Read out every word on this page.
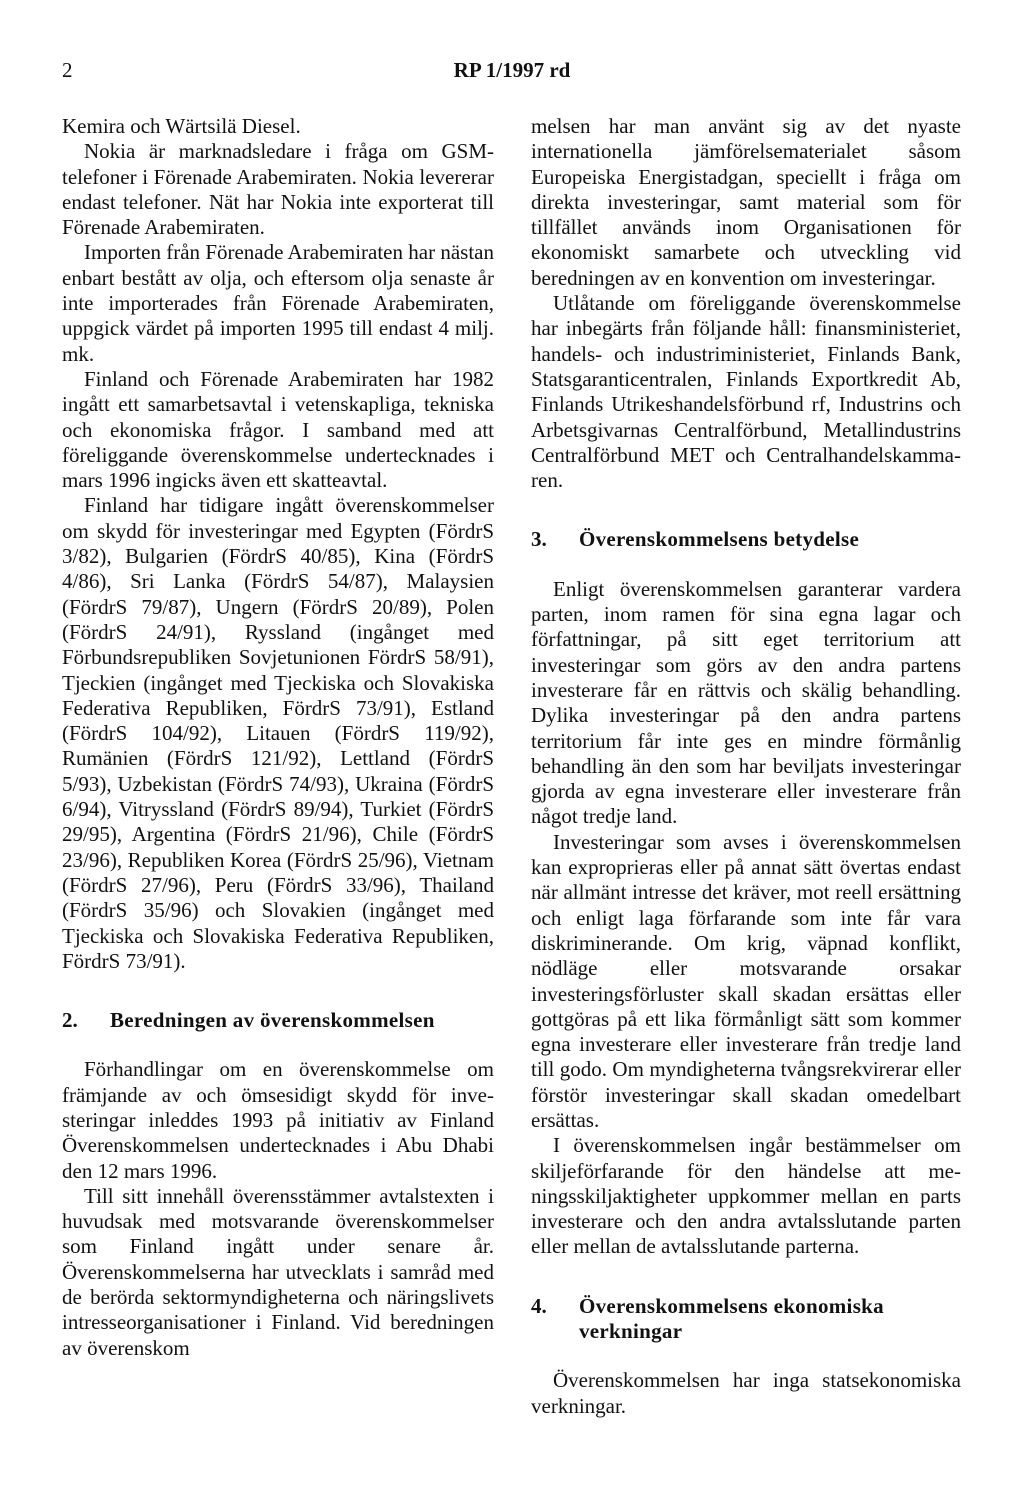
2	RP 1/1997 rd

Kemira och Wärtsilä Diesel.

Nokia är marknadsledare i fråga om GSM-telefoner i Förenade Arabemiraten. Nokia levererar endast telefoner. Nät har Nokia inte exporterat till Förenade Arabemiraten.

Importen från Förenade Arabemiraten har nästan enbart bestått av olja, och eftersom olja senaste år inte importerades från Förenade Arabemiraten, uppgick värdet på importen 1995 till endast 4 milj. mk.

Finland och Förenade Arabemiraten har 1982 ingått ett samarbetsavtal i vetenskapliga, tekniska och ekonomiska frågor. I samband med att föreliggande överenskommelse undertecknades i mars 1996 ingicks även ett skatteavtal.

Finland har tidigare ingått överenskommelser om skydd för investeringar med Egypten (FördrS 3/82), Bulgarien (FördrS 40/85), Kina (FördrS 4/86), Sri Lanka (FördrS 54/87), Malaysien (FördrS 79/87), Ungern (FördrS 20/89), Polen (FördrS 24/91), Ryssland (ingånget med Förbundsrepubliken Sovjetunionen FördrS 58/91), Tjeckien (ingånget med Tjeckiska och Slovakiska Federativa Republiken, FördrS 73/91), Estland (FördrS 104/92), Litauen (FördrS 119/92), Rumänien (FördrS 121/92), Lettland (FördrS 5/93), Uzbekistan (FördrS 74/93), Ukraina (FördrS 6/94), Vitryssland (FördrS 89/94), Turkiet (FördrS 29/95), Argentina (FördrS 21/96), Chile (FördrS 23/96), Republiken Korea (FördrS 25/96), Vietnam (FördrS 27/96), Peru (FördrS 33/96), Thailand (FördrS 35/96) och Slovakien (ingånget med Tjeckiska och Slovakiska Federativa Republiken, FördrS 73/91).

2.	Beredningen av överenskommelsen

Förhandlingar om en överenskommelse om främjande av och ömsesidigt skydd för investeringar inleddes 1993 på initiativ av Finland Överenskommelsen undertecknades i Abu Dhabi den 12 mars 1996.

Till sitt innehåll överensstämmer avtalstexten i huvudsak med motsvarande överenskommelser som Finland ingått under senare år. Överenskommelserna har utvecklats i samråd med de berörda sektormyndigheterna och näringslivets intresseorganisationer i Finland. Vid beredningen av överenskom

melsen har man använt sig av det nyaste internationella jämförelsematerialet såsom Europeiska Energistadgan, speciellt i fråga om direkta investeringar, samt material som för tillfället används inom Organisationen för ekonomiskt samarbete och utveckling vid beredningen av en konvention om investeringar.

Utlåtande om föreliggande överenskommelse har inbegärts från följande håll: finansministeriet, handels- och industriministeriet, Finlands Bank, Statsgaranticentralen, Finlands Exportkredit Ab, Finlands Utrikeshandelsförbund rf, Industrins och Arbetsgivarnas Centralförbund, Metallindustrins Centralförbund MET och Centralhandelskammaren.

3.	Överenskommelsens betydelse

Enligt överenskommelsen garanterar vardera parten, inom ramen för sina egna lagar och författningar, på sitt eget territorium att investeringar som görs av den andra partens investerare får en rättvis och skälig behandling. Dylika investeringar på den andra partens territorium får inte ges en mindre förmånlig behandling än den som har beviljats investeringar gjorda av egna investerare eller investerare från något tredje land.

Investeringar som avses i överenskommelsen kan exproprieras eller på annat sätt övertas endast när allmänt intresse det kräver, mot reell ersättning och enligt laga förfarande som inte får vara diskriminerande. Om krig, väpnad konflikt, nödläge eller motsvarande orsakar investeringsförluster skall skadan ersättas eller gottgöras på ett lika förmånligt sätt som kommer egna investerare eller investerare från tredje land till godo. Om myndigheterna tvångsrekvirerar eller förstör investeringar skall skadan omedelbart ersättas.

I överenskommelsen ingår bestämmelser om skiljeförfarande för den händelse att meningsskiljaktigheter uppkommer mellan en parts investerare och den andra avtalsslutande parten eller mellan de avtalsslutande parterna.

4.	Överenskommelsens ekonomiska verkningar

Överenskommelsen har inga statsekonomiska verkningar.
